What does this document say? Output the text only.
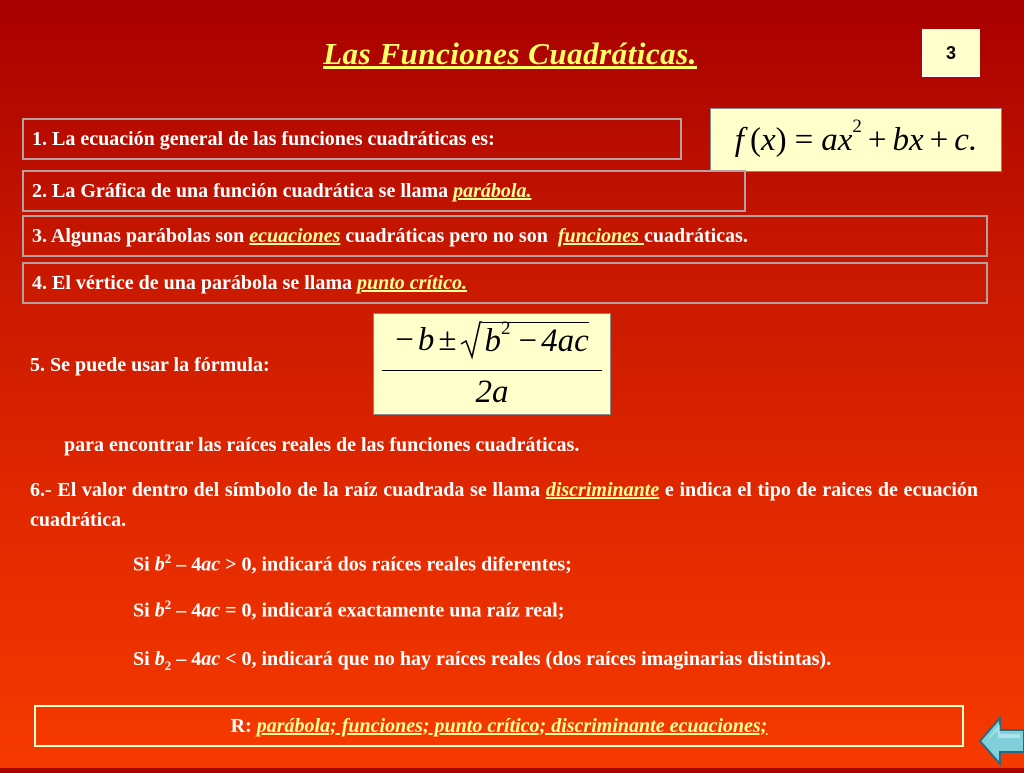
Las Funciones Cuadráticas.	3
1. La ecuación general de las funciones cuadráticas es:	f ( x ) = ax 2 + bx + c.
2. La Gráfica de una función cuadrática se llama parábola.
3. Algunas parábolas son ecuaciones cuadráticas pero no son funciones cuadráticas.
4. El vértice de una parábola se llama punto crítico.
5. Se puede usar la fórmula:
− b ± b 2 − 4ac
2a
para encontrar las raíces reales de las funciones cuadráticas.
6.- El valor dentro del símbolo de la raíz cuadrada se llama discriminante e indica el tipo de raices de ecuación cuadrática.
Si $b^2 - 4ac > 0$, indicará dos raíces reales diferentes;
Si $b^2 - 4ac = 0$, indicará exactamente una raíz real;
Si $b_2 - 4ac < 0$, indicará que no hay raíces reales (dos raíces imaginarias distintas).
R: parábola; funciones; punto crítico; discriminante ecuaciones;
